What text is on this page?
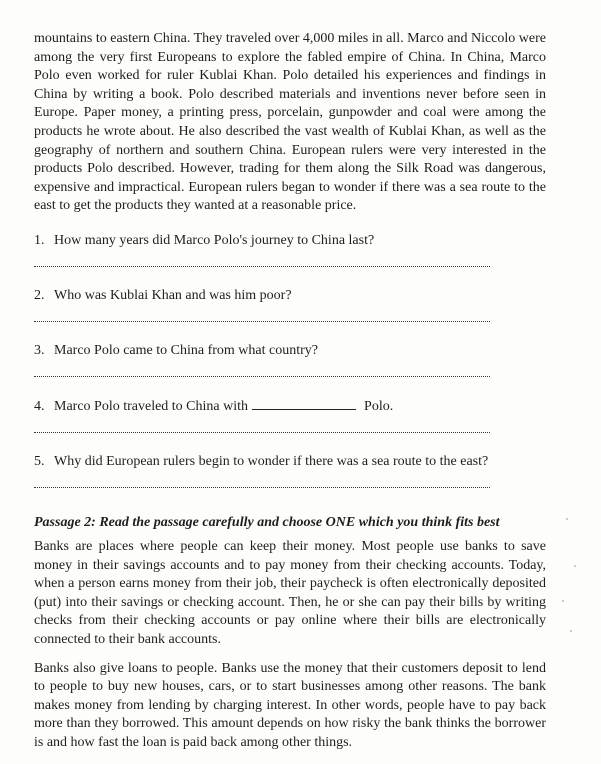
mountains to eastern China. They traveled over 4,000 miles in all. Marco and Niccolo were among the very first Europeans to explore the fabled empire of China. In China, Marco Polo even worked for ruler Kublai Khan. Polo detailed his experiences and findings in China by writing a book. Polo described materials and inventions never before seen in Europe. Paper money, a printing press, porcelain, gunpowder and coal were among the products he wrote about. He also described the vast wealth of Kublai Khan, as well as the geography of northern and southern China. European rulers were very interested in the products Polo described. However, trading for them along the Silk Road was dangerous, expensive and impractical. European rulers began to wonder if there was a sea route to the east to get the products they wanted at a reasonable price.

1. How many years did Marco Polo's journey to China last?

2. Who was Kublai Khan and was him poor?

3. Marco Polo came to China from what country?

4. Marco Polo traveled to China with	Polo.

5. Why did European rulers begin to wonder if there was a sea route to the east?

Passage 2: Read the passage carefully and choose ONE which you think fits best

Banks are places where people can keep their money. Most people use banks to save money in their savings accounts and to pay money from their checking accounts. Today, when a person earns money from their job, their paycheck is often electronically deposited (put) into their savings or checking account. Then, he or she can pay their bills by writing checks from their checking accounts or pay online where their bills are electronically connected to their bank accounts.

Banks also give loans to people. Banks use the money that their customers deposit to lend to people to buy new houses, cars, or to start businesses among other reasons. The bank makes money from lending by charging interest. In other words, people have to pay back more than they borrowed. This amount depends on how risky the bank thinks the borrower is and how fast the loan is paid back among other things.
